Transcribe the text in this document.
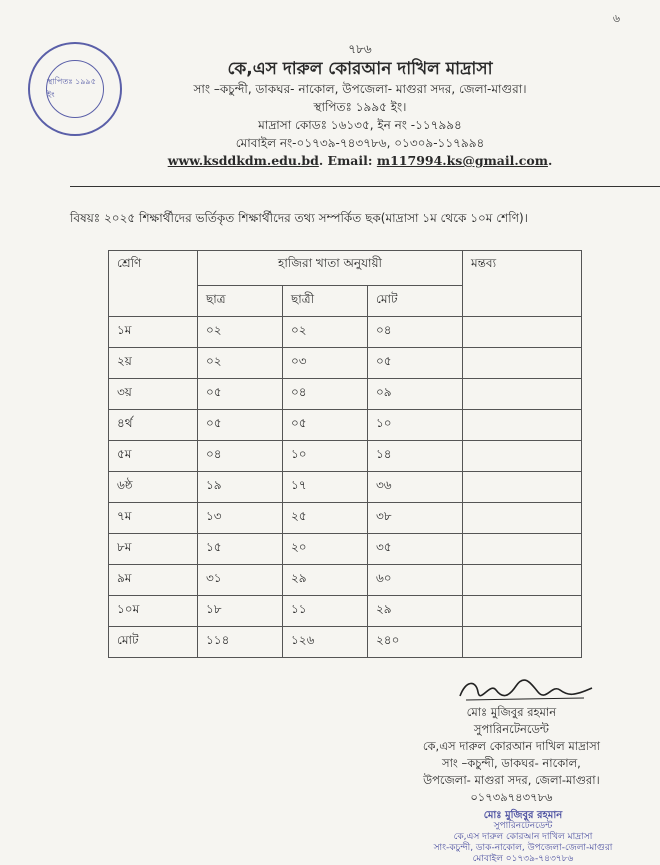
৬
স্থাপিতঃ ১৯৯৫ ইং
৭৮৬
কে,এস দারুল কোরআন দাখিল মাদ্রাসা
সাং –কচুন্দী, ডাকঘর- নাকোল, উপজেলা- মাগুরা সদর, জেলা-মাগুরা।
স্থাপিতঃ ১৯৯৫ ইং।
মাদ্রাসা কোডঃ ১৬১৩৫, ইন নং -১১৭৯৯৪
মোবাইল নং-০১৭৩৯-৭৪৩৭৮৬, ০১৩০৯-১১৭৯৯৪
www.ksddkdm.edu.bd. Email: m117994.ks@gmail.com.
বিষয়ঃ ২০২৫ শিক্ষার্থীদের ভর্তিকৃত শিক্ষার্থীদের তথ্য সম্পর্কিত ছক(মাদ্রাসা ১ম থেকে ১০ম শেণি)।
শ্রেণি	হাজিরা খাতা অনুযায়ী			মন্তব্য
	ছাত্র	ছাত্রী	মোট	
১ম	০২	০২	০৪	
২য়	০২	০৩	০৫	
৩য়	০৫	০৪	০৯	
৪র্থ	০৫	০৫	১০	
৫ম	০৪	১০	১৪	
৬ষ্ঠ	১৯	১৭	৩৬	
৭ম	১৩	২৫	৩৮	
৮ম	১৫	২০	৩৫	
৯ম	৩১	২৯	৬০	
১০ম	১৮	১১	২৯	
মোট	১১৪	১২৬	২৪০	
মোঃ মুজিবুর রহমান
সুপারিনটেনডেন্ট
কে,এস দারুল কোরআন দাখিল মাদ্রাসা
সাং –কচুন্দী, ডাকঘর- নাকোল,
উপজেলা- মাগুরা সদর, জেলা-মাগুরা।
০১৭৩৯৭৪৩৭৮৬
মোঃ মুজিবুর রহমান
সুপারিনটেনডেন্ট
কে,এস দারুল কোরআন দাখিল মাদ্রাসা
সাং-কচুন্দী, ডাক-নাকোল, উপজেলা-জেলা-মাগুরা
মোবাইল ০১৭৩৯-৭৪৩৭৮৬
